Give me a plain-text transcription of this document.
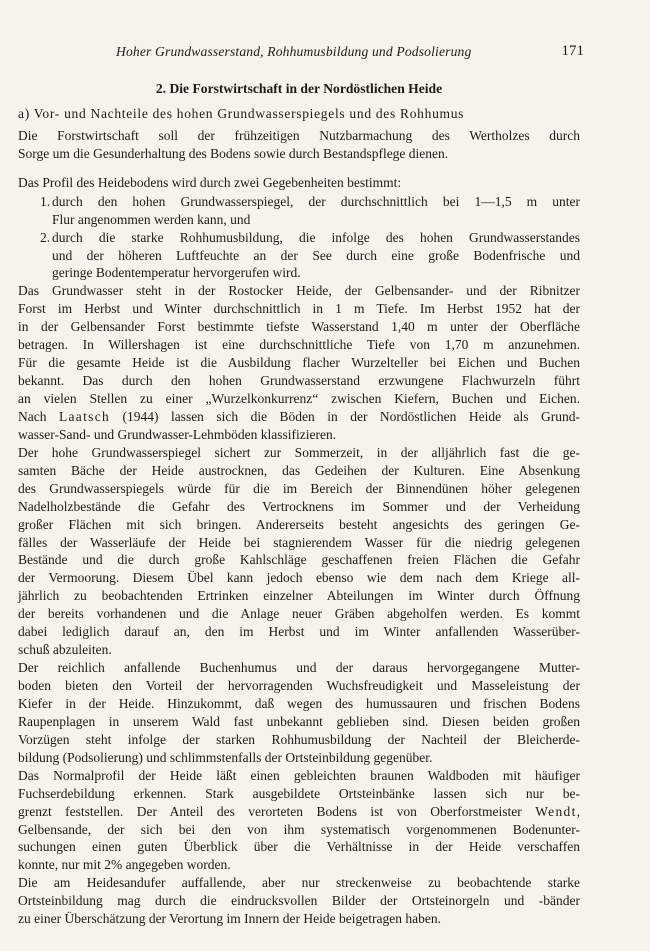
Hoher Grundwasserstand, Rohhumusbildung und Podsolierung	171
2. Die Forstwirtschaft in der Nordöstlichen Heide
a) Vor- und Nachteile des hohen Grundwasserspiegels und des Rohhumus
Die Forstwirtschaft soll der frühzeitigen Nutzbarmachung des Wertholzes durch
Sorge um die Gesunderhaltung des Bodens sowie durch Bestandspflege dienen.
Das Profil des Heidebodens wird durch zwei Gegebenheiten bestimmt:
1. durch den hohen Grundwasserspiegel, der durchschnittlich bei 1—1,5 m unter
Flur angenommen werden kann, und
2. durch die starke Rohhumusbildung, die infolge des hohen Grundwasserstandes
und der höheren Luftfeuchte an der See durch eine große Bodenfrische und
geringe Bodentemperatur hervorgerufen wird.
Das Grundwasser steht in der Rostocker Heide, der Gelbensander- und der Ribnitzer
Forst im Herbst und Winter durchschnittlich in 1 m Tiefe. Im Herbst 1952 hat der
in der Gelbensander Forst bestimmte tiefste Wasserstand 1,40 m unter der Oberfläche
betragen. In Willershagen ist eine durchschnittliche Tiefe von 1,70 m anzunehmen.
Für die gesamte Heide ist die Ausbildung flacher Wurzelteller bei Eichen und Buchen
bekannt. Das durch den hohen Grundwasserstand erzwungene Flachwurzeln führt
an vielen Stellen zu einer „Wurzelkonkurrenz“ zwischen Kiefern, Buchen und Eichen.
Nach Laatsch (1944) lassen sich die Böden in der Nordöstlichen Heide als Grund-
wasser-Sand- und Grundwasser-Lehmböden klassifizieren.
Der hohe Grundwasserspiegel sichert zur Sommerzeit, in der alljährlich fast die ge-
samten Bäche der Heide austrocknen, das Gedeihen der Kulturen. Eine Absenkung
des Grundwasserspiegels würde für die im Bereich der Binnendünen höher gelegenen
Nadelholzbestände die Gefahr des Vertrocknens im Sommer und der Verheidung
großer Flächen mit sich bringen. Andererseits besteht angesichts des geringen Ge-
fälles der Wasserläufe der Heide bei stagnierendem Wasser für die niedrig gelegenen
Bestände und die durch große Kahlschläge geschaffenen freien Flächen die Gefahr
der Vermoorung. Diesem Übel kann jedoch ebenso wie dem nach dem Kriege all-
jährlich zu beobachtenden Ertrinken einzelner Abteilungen im Winter durch Öffnung
der bereits vorhandenen und die Anlage neuer Gräben abgeholfen werden. Es kommt
dabei lediglich darauf an, den im Herbst und im Winter anfallenden Wasserüber-
schuß abzuleiten.
Der reichlich anfallende Buchenhumus und der daraus hervorgegangene Mutter-
boden bieten den Vorteil der hervorragenden Wuchsfreudigkeit und Masseleistung der
Kiefer in der Heide. Hinzukommt, daß wegen des humussauren und frischen Bodens
Raupenplagen in unserem Wald fast unbekannt geblieben sind. Diesen beiden großen
Vorzügen steht infolge der starken Rohhumusbildung der Nachteil der Bleicherde-
bildung (Podsolierung) und schlimmstenfalls der Ortsteinbildung gegenüber.
Das Normalprofil der Heide läßt einen gebleichten braunen Waldboden mit häufiger
Fuchserdebildung erkennen. Stark ausgebildete Ortsteinbänke lassen sich nur be-
grenzt feststellen. Der Anteil des verorteten Bodens ist von Oberforstmeister Wendt,
Gelbensande, der sich bei den von ihm systematisch vorgenommenen Bodenunter-
suchungen einen guten Überblick über die Verhältnisse in der Heide verschaffen
konnte, nur mit 2% angegeben worden.
Die am Heidesandufer auffallende, aber nur streckenweise zu beobachtende starke
Ortsteinbildung mag durch die eindrucksvollen Bilder der Ortsteinorgeln und -bänder
zu einer Überschätzung der Verortung im Innern der Heide beigetragen haben.
